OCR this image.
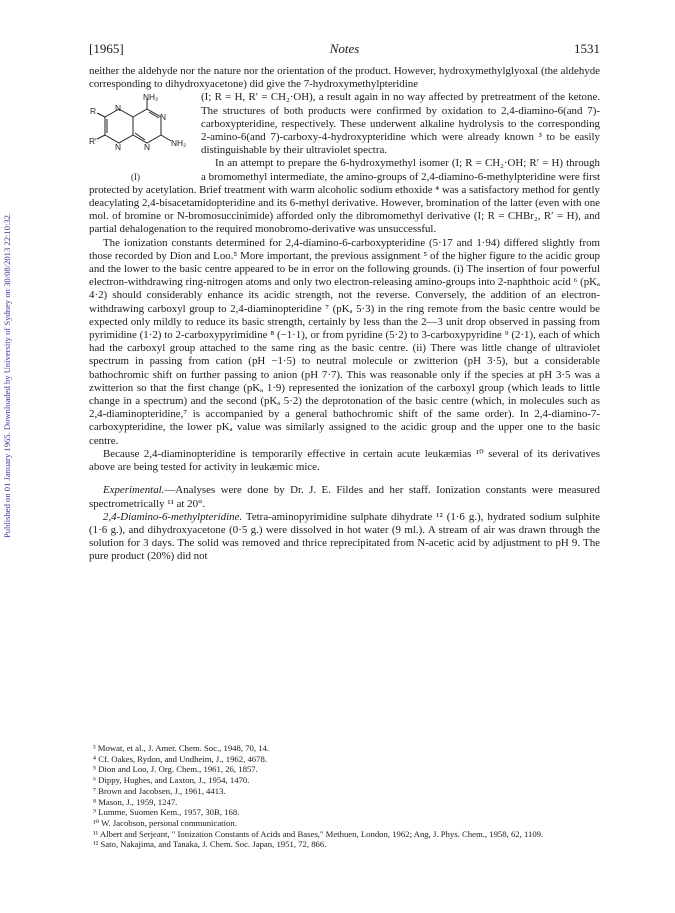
Published on 01 January 1965. Downloaded by University of Sydney on 30/08/2013 22:10:32.
[1965]	Notes	1531

neither the aldehyde nor the nature nor the orientation of the product. However, hydroxymethylglyoxal (the aldehyde corresponding to dihydroxyacetone) did give the 7-hydroxymethylpteridine

NH₂
NH₂
N
N
N	N
R
R′
(I)

(I; R = H, R′ = CH₂·OH), a result again in no way affected by pretreatment of the ketone. The structures of both products were confirmed by oxidation to 2,4-diamino-6(and 7)-carboxypteridine, respectively. These underwent alkaline hydrolysis to the corresponding 2-amino-6(and 7)-carboxy-4-hydroxypteridine which were already known ³ to be easily distinguishable by their ultraviolet spectra.

In an attempt to prepare the 6-hydroxymethyl isomer (I; R = CH₂·OH; R′ = H) through a bromomethyl intermediate, the amino-groups of 2,4-diamino-6-methylpteridine were first protected by acetylation. Brief treatment with warm alcoholic sodium ethoxide ⁴ was a satisfactory method for gently deacylating 2,4-bisacetamidopteridine and its 6-methyl derivative. However, bromination of the latter (even with one mol. of bromine or N-bromosuccinimide) afforded only the dibromomethyl derivative (I; R = CHBr₂, R′ = H), and partial dehalogenation to the required monobromo-derivative was unsuccessful.

The ionization constants determined for 2,4-diamino-6-carboxypteridine (5·17 and 1·94) differed slightly from those recorded by Dion and Loo.⁵ More important, the previous assignment ⁵ of the higher figure to the acidic group and the lower to the basic centre appeared to be in error on the following grounds. (i) The insertion of four powerful electron-withdrawing ring-nitrogen atoms and only two electron-releasing amino-groups into 2-naphthoic acid ⁶ (pKₐ 4·2) should considerably enhance its acidic strength, not the reverse. Conversely, the addition of an electron-withdrawing carboxyl group to 2,4-diaminopteridine ⁷ (pKₐ 5·3) in the ring remote from the basic centre would be expected only mildly to reduce its basic strength, certainly by less than the 2—3 unit drop observed in passing from pyrimidine (1·2) to 2-carboxypyrimidine ⁸ (−1·1), or from pyridine (5·2) to 3-carboxypyridine ⁹ (2·1), each of which had the carboxyl group attached to the same ring as the basic centre. (ii) There was little change of ultraviolet spectrum in passing from cation (pH −1·5) to neutral molecule or zwitterion (pH 3·5), but a considerable bathochromic shift on further passing to anion (pH 7·7). This was reasonable only if the species at pH 3·5 was a zwitterion so that the first change (pKₐ 1·9) represented the ionization of the carboxyl group (which leads to little change in a spectrum) and the second (pKₐ 5·2) the deprotonation of the basic centre (which, in molecules such as 2,4-diaminopteridine,⁷ is accompanied by a general bathochromic shift of the same order). In 2,4-diamino-7-carboxypteridine, the lower pKₐ value was similarly assigned to the acidic group and the upper one to the basic centre.

Because 2,4-diaminopteridine is temporarily effective in certain acute leukæmias ¹⁰ several of its derivatives above are being tested for activity in leukæmic mice.

Experimental.—Analyses were done by Dr. J. E. Fildes and her staff. Ionization constants were measured spectrometrically ¹¹ at 20°.

2,4-Diamino-6-methylpteridine. Tetra-aminopyrimidine sulphate dihydrate ¹² (1·6 g.), hydrated sodium sulphite (1·6 g.), and dihydroxyacetone (0·5 g.) were dissolved in hot water (9 ml.). A stream of air was drawn through the solution for 3 days. The solid was removed and thrice reprecipitated from N-acetic acid by adjustment to pH 9. The pure product (20%) did not

³ Mowat, et al., J. Amer. Chem. Soc., 1948, 70, 14.
⁴ Cf. Oakes, Rydon, and Undheim, J., 1962, 4678.
⁵ Dion and Loo, J. Org. Chem., 1961, 26, 1857.
⁶ Dippy, Hughes, and Laxton, J., 1954, 1470.
⁷ Brown and Jacobsen, J., 1961, 4413.
⁸ Mason, J., 1959, 1247.
⁹ Lumme, Suomen Kem., 1957, 30B, 168.
¹⁰ W. Jacobson, personal communication.
¹¹ Albert and Serjeant, " Ionization Constants of Acids and Bases," Methuen, London, 1962; Ang, J. Phys. Chem., 1958, 62, 1109.
¹² Sato, Nakajima, and Tanaka, J. Chem. Soc. Japan, 1951, 72, 866.
